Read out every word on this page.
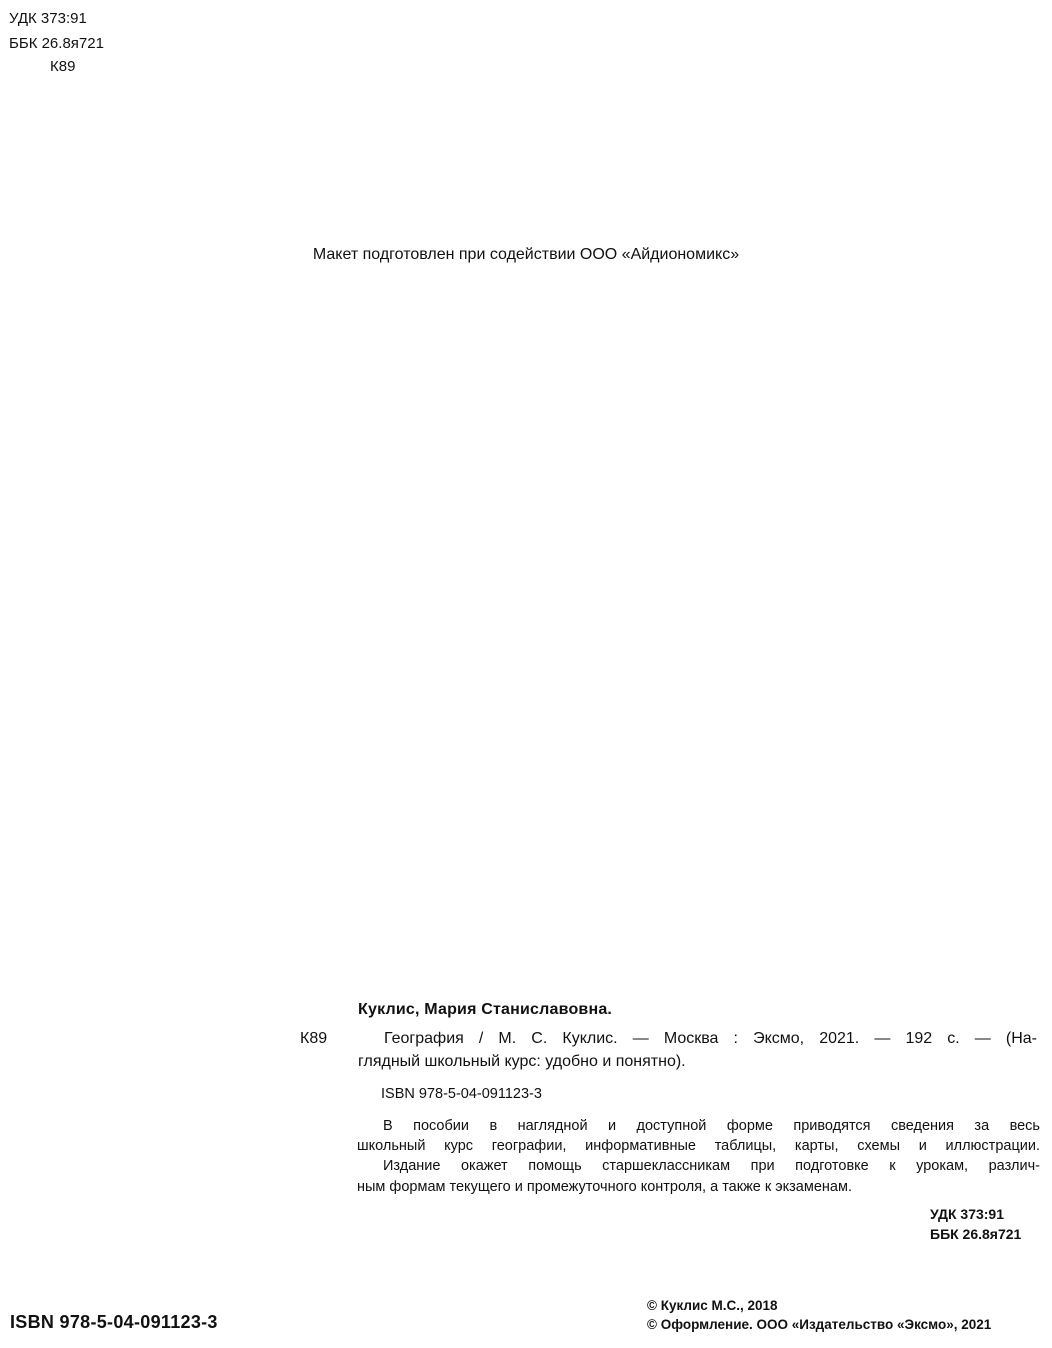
УДК 373:91
ББК 26.8я721
К89
Макет подготовлен при содействии ООО «Айдиономикс»
Куклис, Мария Станиславовна.
К89	География / М. С. Куклис. — Москва : Эксмо, 2021. — 192 с. — (На-
глядный школьный курс: удобно и понятно).
ISBN 978-5-04-091123-3
В пособии в наглядной и доступной форме приводятся сведения за весь
школьный курс географии, информативные таблицы, карты, схемы и иллюстрации.
Издание окажет помощь старшеклассникам при подготовке к урокам, различ-
ным формам текущего и промежуточного контроля, а также к экзаменам.
УДК 373:91
ББК 26.8я721
ISBN 978-5-04-091123-3
© Куклис М.С., 2018
© Оформление. ООО «Издательство «Эксмо», 2021
